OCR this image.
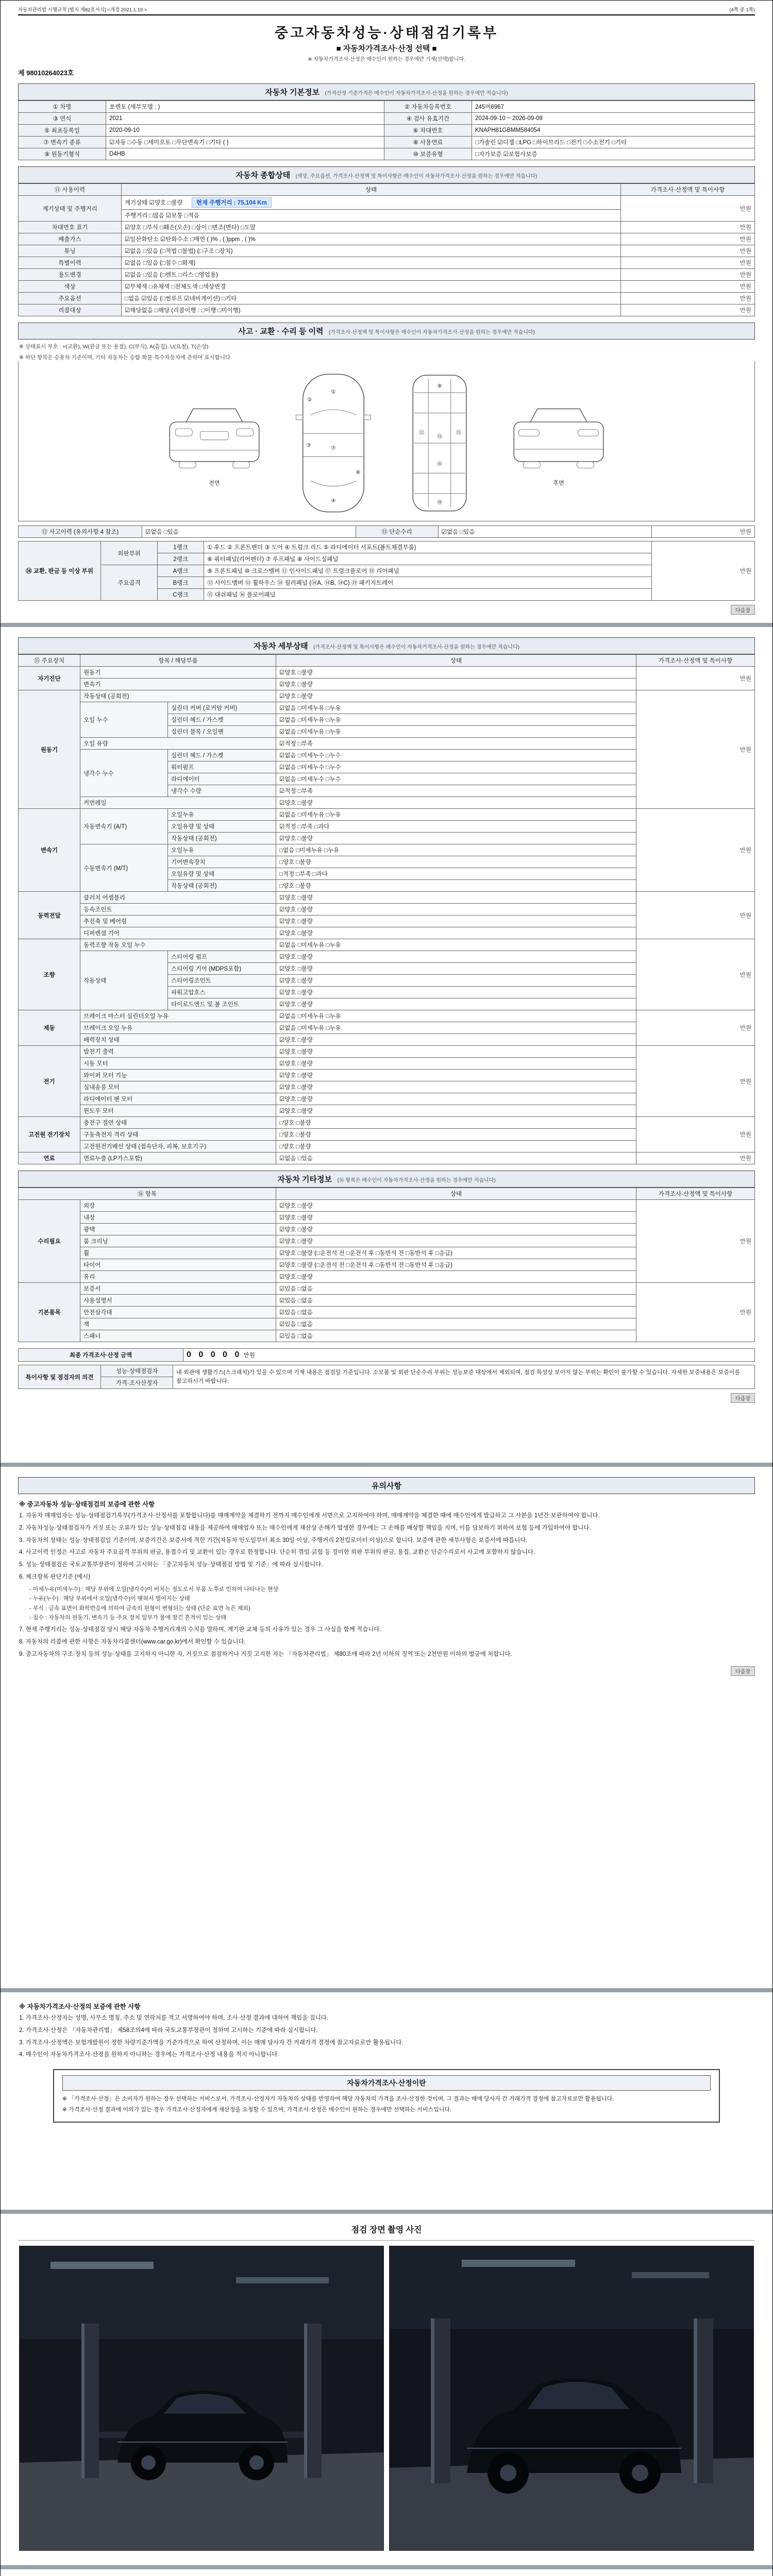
자동차관리법 시행규칙 [별지 제82호서식] <개정 2021.1.19.>	(4쪽 중 1쪽)
중고자동차성능·상태점검기록부
■ 자동차가격조사·산정 선택 ■
※ 자동차가격조사·산정은 매수인이 원하는 경우에만 기재(선택)합니다.
제 98010264023호
자동차 기본정보 (가격산정 기준가격은 매수인이 자동차가격조사·산정을 원하는 경우에만 적습니다)
① 차명	쏘렌토 (세부모델 : )	② 자동차등록번호	245머6967
③ 연식	2021	④ 검사 유효기간	2024-09-10 ~ 2026-09-09
⑤ 최초등록일	2020-09-10	⑥ 차대번호	KNAPH81GBMM584054
⑦ 변속기 종류	☑자동 □수동 □세미오토 □무단변속기 □기타 ( )	⑧ 사용연료	□가솔린 ☑디젤 □LPG □하이브리드 □전기 □수소전기 □기타
⑨ 원동기형식	D4HB	⑩ 보증유형	□자가보증 ☑보험사보증
자동차 종합상태 (색상, 주요옵션, 가격조사·산정액 및 특이사항은 매수인이 자동차가격조사·산정을 원하는 경우에만 적습니다)
⑪ 사용이력	상태	가격조사·산정액 및 특이사항
계기상태 및 주행거리	계기상태 ☑양호 □불량 현재 주행거리 : 75,104 Km	만원
	주행거리 □많음 ☑보통 □적음	
차대번호 표기	☑양호 □부식 □훼손(오손) □상이 □변조(변타) □도말	만원
배출가스	☑일산화탄소 ☑탄화수소 □매연 ( )% , ( )ppm , ( )%	만원
튜닝	☑없음 □있음 (□적법 □불법) (□구조 □장치)	만원
특별이력	☑없음 □있음 (□침수 □화재)	만원
용도변경	☑없음 □있음 (□렌트 □리스 □영업용)	만원
색상	☑무채색 □유채색 □전체도색 □색상변경	만원
주요옵션	□없음 ☑있음 (□썬루프 ☑네비게이션) □기타	만원
리콜대상	☑해당없음 □해당 (리콜이행 : □이행 □미이행)	만원
사고 · 교환 · 수리 등 이력 (가격조사·산정액 및 특이사항은 매수인이 자동차가격조사·산정을 원하는 경우에만 적습니다)
※ 상태표시 부호 : ×(교환), W(판금 또는 용접), C(부식), A(흠집), U(요철), T(손상)
※ 하단 항목은 승용차 기준이며, 기타 자동차는 승합·화물·특수자동차에 준하여 표시합니다.
전면
①
②
③
⑦
⑥
④
⑨
⑫	⑬
⑮
⑯
⑱
후면
⑫ 사고이력 (유의사항 4 참조)	☑없음 □있음	⑬ 단순수리	☑없음 □있음	만원
⑭ 교환, 판금 등 이상 부위	외판부위	1랭크	① 후드 ② 프론트펜더 ③ 도어 ④ 트렁크 리드 ⑤ 라디에이터 서포트(볼트체결부품)	만원
		2랭크	⑥ 쿼터패널(리어펜더) ⑦ 루프패널 ⑧ 사이드실패널	
	주요골격	A랭크	⑨ 프론트패널 ⑩ 크로스멤버 ⑪ 인사이드패널 ⑰ 트렁크플로어 ⑱ 리어패널	
		B랭크	⑫ 사이드멤버 ⑬ 휠하우스 ⑭ 필러패널 (⑭A, ⑭B, ⑭C) ⑲ 패키지트레이	
		C랭크	⑮ 대쉬패널 ⑯ 플로어패널	
다음장
자동차 세부상태 (가격조사·산정액 및 특이사항은 매수인이 자동차가격조사·산정을 원하는 경우에만 적습니다)
⑮ 주요장치	항목 / 해당부품		상태	가격조사·산정액 및 특이사항
자기진단	원동기		☑양호 □불량	만원
	변속기		☑양호 □불량	
원동기	작동상태 (공회전)		☑양호 □불량	만원
	오일 누수	실린더 커버 (로커암 커버)	☑없음 □미세누유 □누유	
		실린더 헤드 / 가스켓	☑없음 □미세누유 □누유	
		실린더 블록 / 오일팬	☑없음 □미세누유 □누유	
	오일 유량		☑적정 □부족	
	냉각수 누수	실린더 헤드 / 가스켓	☑없음 □미세누수 □누수	
		워터펌프	☑없음 □미세누수 □누수	
		라디에이터	☑없음 □미세누수 □누수	
		냉각수 수량	☑적정 □부족	
	커먼레일		☑양호 □불량	
변속기	자동변속기 (A/T)	오일누유	☑없음 □미세누유 □누유	만원
		오일유량 및 상태	☑적정 □부족 □과다	
		작동상태 (공회전)	☑양호 □불량	
	수동변속기 (M/T)	오일누유	□없음 □미세누유 □누유	
		기어변속장치	□양호 □불량	
		오일유량 및 상태	□적정 □부족 □과다	
		작동상태 (공회전)	□양호 □불량	
동력전달	클러치 어셈블리		☑양호 □불량	만원
	등속조인트		☑양호 □불량	
	추진축 및 베어링		☑양호 □불량	
	디퍼렌셜 기어		☑양호 □불량	
조향	동력조향 작동 오일 누수		☑없음 □미세누유 □누유	만원
	작동상태	스티어링 펌프	☑양호 □불량	
		스티어링 기어 (MDPS포함)	☑양호 □불량	
		스티어링조인트	☑양호 □불량	
		파워고압호스	☑양호 □불량	
		타이로드엔드 및 볼 조인트	☑양호 □불량	
제동	브레이크 마스터 실린더오일 누유		☑없음 □미세누유 □누유	만원
	브레이크 오일 누유		☑없음 □미세누유 □누유	
	배력장치 상태		☑양호 □불량	
전기	발전기 출력		☑양호 □불량	만원
	시동 모터		☑양호 □불량	
	와이퍼 모터 기능		☑양호 □불량	
	실내송풍 모터		☑양호 □불량	
	라디에이터 팬 모터		☑양호 □불량	
	윈도우 모터		☑양호 □불량	
고전원 전기장치	충전구 절연 상태		□양호 □불량	만원
	구동축전지 격리 상태		□양호 □불량	
	고전원전기배선 상태 (접속단자, 피복, 보호기구)		□양호 □불량	
연료	연료누출 (LP가스포함)		☑없음 □있음	만원
자동차 기타정보 (⑯ 항목은 매수인이 자동차가격조사·산정을 원하는 경우에만 적습니다)
⑯ 항목		상태	가격조사·산정액 및 특이사항
수리필요	외장	☑양호 □불량	만원
	내장	☑양호 □불량	
	광택	☑양호 □불량	
	룸 크리닝	☑양호 □불량	
	휠	☑양호 □불량 (□운전석 전 □운전석 후 □동반석 전 □동반석 후 □응급)	
	타이어	☑양호 □불량 (□운전석 전 □운전석 후 □동반석 전 □동반석 후 □응급)	
	유리	☑양호 □불량	
기본품목	보증서	☑있음 □없음	만원
	사용설명서	☑있음 □없음	
	안전삼각대	☑있음 □없음	
	잭	☑있음 □없음	
	스패너	☑있음 □없음	
최종 가격조사·산정 금액	0 0 0 0 0 만원
특이사항 및 점검자의 의견	성능·상태점검자	내·외관에 생활기스(스크래치)가 있을 수 있으며 기재 내용은 점검일 기준입니다. 소모품 및 외판 단순수리 부위는 성능보증 대상에서 제외되며, 점검 특성상 보이지 않는 부위는 확인이 불가할 수 있습니다. 자세한 보증내용은 보증서를 참고하시기 바랍니다.
가격·조사산정자
다음장
유의사항
※ 중고자동차 성능·상태점검의 보증에 관한 사항

1. 자동차 매매업자는 성능·상태점검기록부(가격조사·산정서를 포함합니다)를 매매계약을 체결하기 전까지 매수인에게 서면으로 고지하여야 하며, 매매계약을 체결한 때에 매수인에게 발급하고 그 사본을 1년간 보관하여야 합니다.

2. 자동차성능·상태점검자가 거짓 또는 오류가 있는 성능·상태점검 내용을 제공하여 매매업자 또는 매수인에게 재산상 손해가 발생한 경우에는 그 손해를 배상할 책임을 지며, 이를 담보하기 위하여 보험 등에 가입하여야 합니다.

3. 자동차의 상태는 성능·상태점검일 기준이며, 보증기간은 보증서에 적힌 기간(자동차 인도일부터 최소 30일 이상, 주행거리 2천킬로미터 이상)으로 합니다. 보증에 관한 세부사항은 보증서에 따릅니다.

4. 사고이력 인정은 사고로 자동차 주요골격 부위의 판금, 용접수리 및 교환이 있는 경우로 한정합니다. 단순히 꺾임·긁힘 등 경미한 외판 부위의 판금, 용접, 교환은 단순수리로서 사고에 포함하지 않습니다.

5. 성능·상태점검은 국토교통부장관이 정하여 고시하는 「중고자동차 성능·상태점검 방법 및 기준」에 따라 실시합니다.

6. 체크항목 판단기준 (예시)

- 미세누유(미세누수) : 해당 부위에 오일(냉각수)이 비치는 정도로서 부품 노후로 인하여 나타나는 현상

- 누유(누수) : 해당 부위에서 오일(냉각수)이 맺혀서 떨어지는 상태

- 부식 : 금속 표면이 화학반응에 의하여 금속의 원형이 변형되는 상태 (단순 표면 녹은 제외)

- 침수 : 자동차의 원동기, 변속기 등 주요 장치 일부가 물에 잠긴 흔적이 있는 상태

7. 현재 주행거리는 성능·상태점검 당시 해당 자동차 주행거리계의 수치를 말하며, 계기판 교체 등의 사유가 있는 경우 그 사실을 함께 적습니다.

8. 자동차의 리콜에 관한 사항은 자동차리콜센터(www.car.go.kr)에서 확인할 수 있습니다.

9. 중고자동차의 구조·장치 등의 성능·상태를 고지하지 아니한 자, 거짓으로 점검하거나 거짓 고지한 자는 「자동차관리법」 제80조에 따라 2년 이하의 징역 또는 2천만원 이하의 벌금에 처합니다.

다음장
※ 자동차가격조사·산정의 보증에 관한 사항

1. 가격조사·산정자는 성명, 사무소 명칭, 주소 및 연락처를 적고 서명하여야 하며, 조사·산정 결과에 대하여 책임을 집니다.

2. 가격조사·산정은 「자동차관리법」 제58조의4에 따라 국토교통부장관이 정하여 고시하는 기준에 따라 실시합니다.

3. 가격조사·산정액은 보험개발원이 정한 차량기준가액을 기준가격으로 하여 산정하며, 이는 매매 당사자 간 거래가격 결정에 참고자료로만 활용됩니다.

4. 매수인이 자동차가격조사·산정을 원하지 아니하는 경우에는 가격조사·산정 내용을 적지 아니합니다.

자동차가격조사·산정이란

※ 「가격조사·산정」은 소비자가 원하는 경우 선택하는 서비스로서, 가격조사·산정자가 자동차의 상태를 반영하여 해당 자동차의 가격을 조사·산정한 것이며, 그 결과는 매매 당사자 간 거래가격 결정에 참고자료로만 활용됩니다.

※ 가격조사·산정 결과에 이의가 있는 경우 가격조사·산정자에게 재산정을 요청할 수 있으며, 가격조사·산정은 매수인이 원하는 경우에만 선택하는 서비스입니다.

점검 장면 촬영 사진
